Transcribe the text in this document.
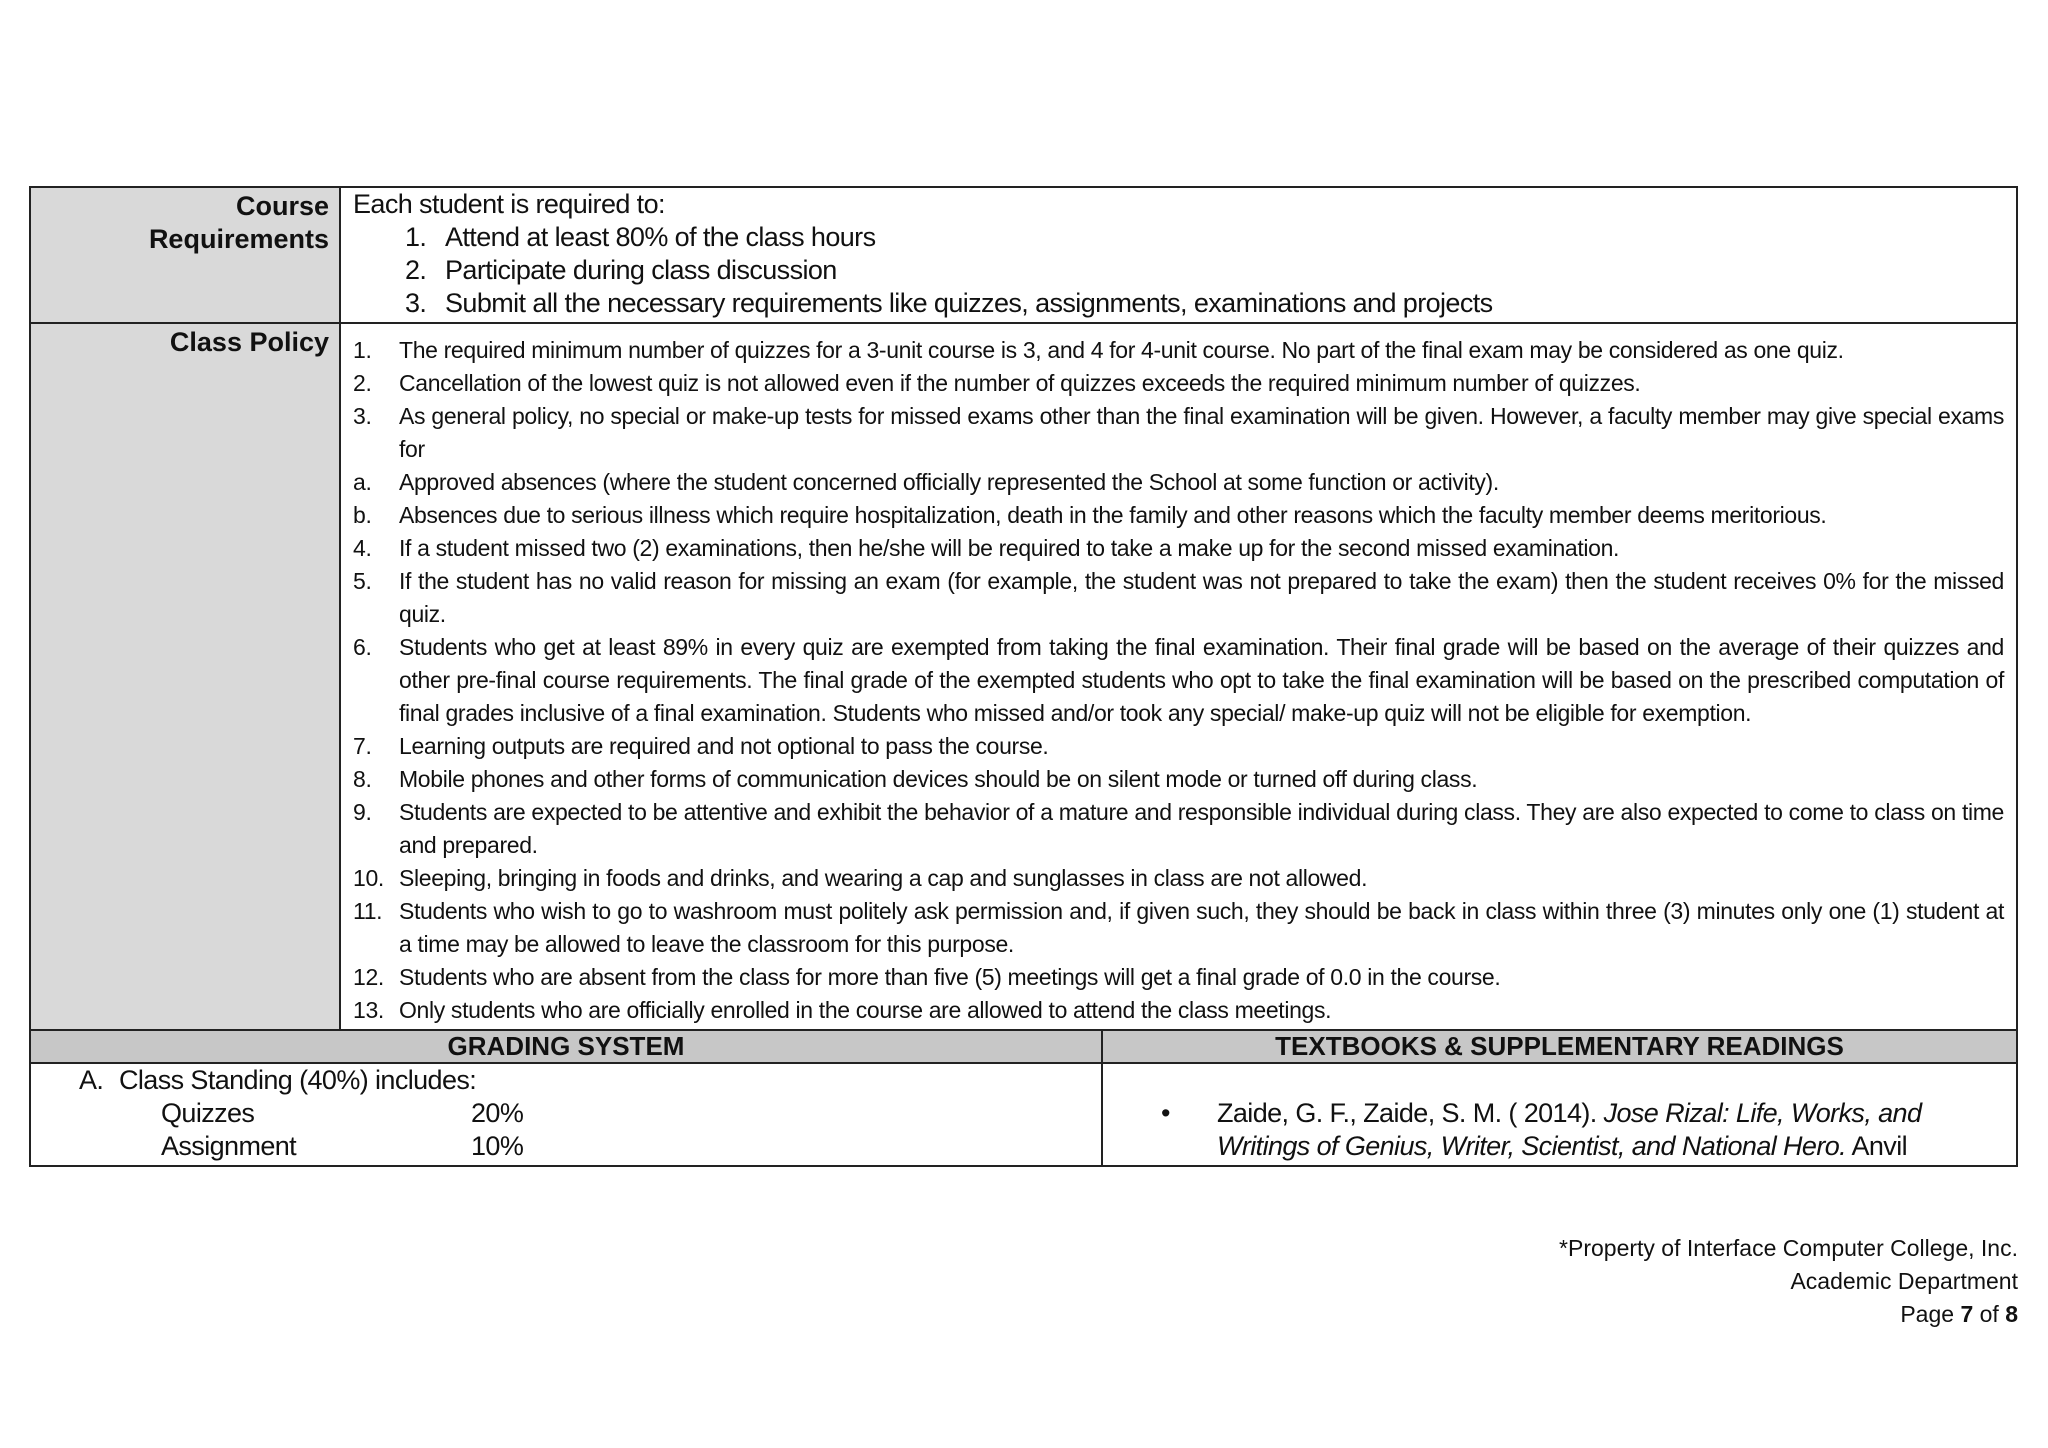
Course
Requirements
Each student is required to:
1. Attend at least 80% of the class hours
2. Participate during class discussion
3. Submit all the necessary requirements like quizzes, assignments, examinations and projects
Class Policy 1.	The required minimum number of quizzes for a 3-unit course is 3, and 4 for 4-unit course. No part of the final exam may be considered as one quiz.
2.	Cancellation of the lowest quiz is not allowed even if the number of quizzes exceeds the required minimum number of quizzes.
3.	As general policy, no special or make-up tests for missed exams other than the final examination will be given. However, a faculty member may give special exams for
a.	Approved absences (where the student concerned officially represented the School at some function or activity).
b.	Absences due to serious illness which require hospitalization, death in the family and other reasons which the faculty member deems meritorious.
4.	If a student missed two (2) examinations, then he/she will be required to take a make up for the second missed examination.
5.	If the student has no valid reason for missing an exam (for example, the student was not prepared to take the exam) then the student receives 0% for the missed quiz.
6.	Students who get at least 89% in every quiz are exempted from taking the final examination. Their final grade will be based on the average of their quizzes and other pre-final course requirements. The final grade of the exempted students who opt to take the final examination will be based on the prescribed computation of final grades inclusive of a final examination. Students who missed and/or took any special/ make-up quiz will not be eligible for exemption.
7.	Learning outputs are required and not optional to pass the course.
8.	Mobile phones and other forms of communication devices should be on silent mode or turned off during class.
9.	Students are expected to be attentive and exhibit the behavior of a mature and responsible individual during class. They are also expected to come to class on time and prepared.
10. Sleeping, bringing in foods and drinks, and wearing a cap and sunglasses in class are not allowed.
11. Students who wish to go to washroom must politely ask permission and, if given such, they should be back in class within three (3) minutes only one (1) student at a time may be allowed to leave the classroom for this purpose.
12. Students who are absent from the class for more than five (5) meetings will get a final grade of 0.0 in the course.
13. Only students who are officially enrolled in the course are allowed to attend the class meetings.
GRADING SYSTEM	TEXTBOOKS & SUPPLEMENTARY READINGS
A. Class Standing (40%) includes:
Quizzes	20%
Assignment	10%
•	Zaide, G. F., Zaide, S. M. ( 2014). Jose Rizal: Life, Works, and Writings of Genius, Writer, Scientist, and National Hero. Anvil
*Property of Interface Computer College, Inc.
Academic Department
Page 7 of 8
